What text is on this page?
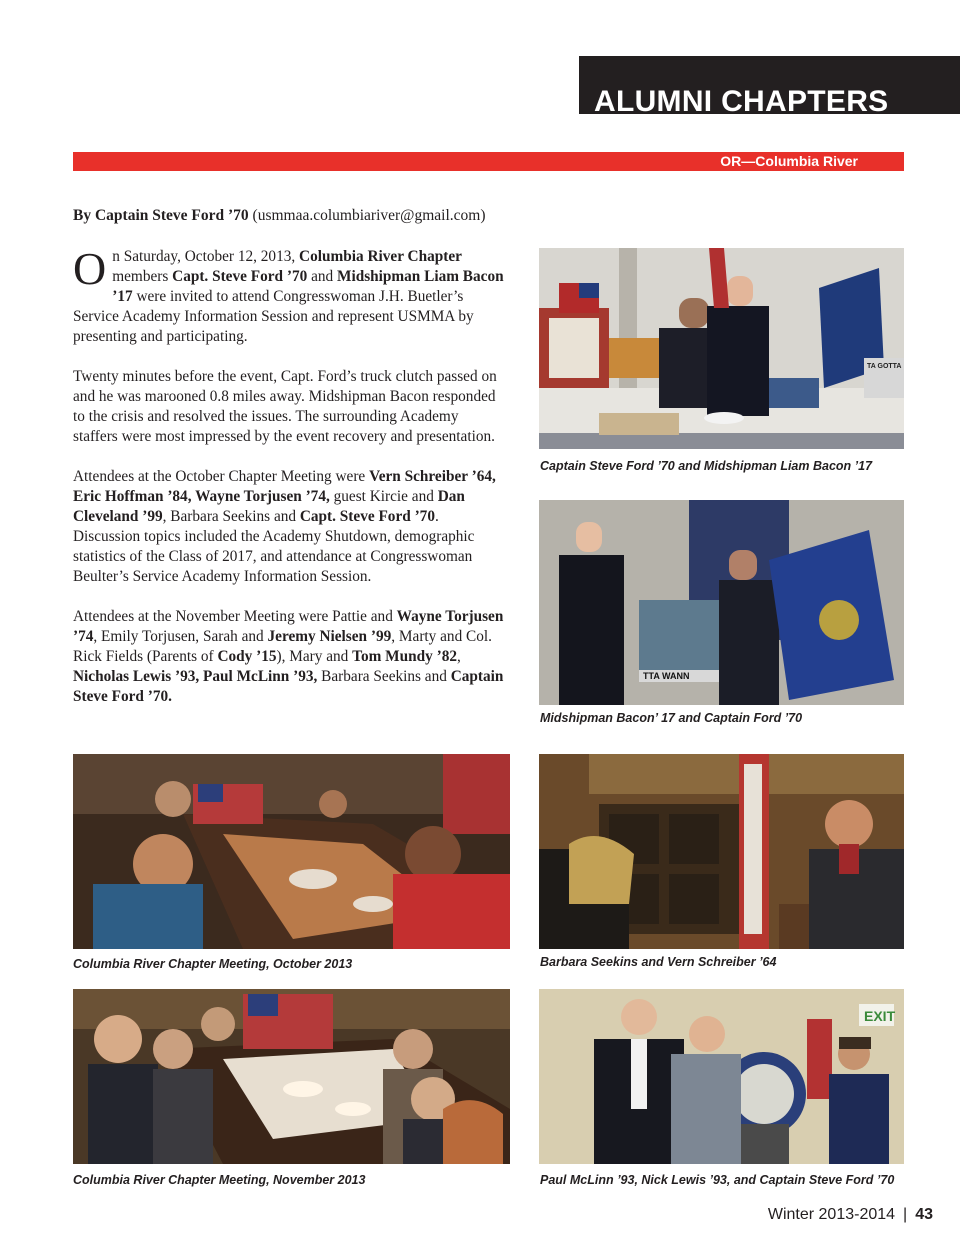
ALUMNI CHAPTERS
OR—Columbia River
By Captain Steve Ford ’70 (usmmaa.columbiariver@gmail.com)

O n Saturday, October 12, 2013, Columbia River Chapter members Capt. Steve Ford ’70 and Midshipman Liam Bacon ’17 were invited to attend Congresswoman J.H. Buetler’s Service Academy Information Session and represent USMMA by presenting and participating.

Twenty minutes before the event, Capt. Ford’s truck clutch passed on and he was marooned 0.8 miles away. Midshipman Bacon responded to the crisis and resolved the issues. The surrounding Academy staffers were most impressed by the event recovery and presentation.

Attendees at the October Chapter Meeting were Vern Schreiber ’64, Eric Hoffman ’84, Wayne Torjusen ’74, guest Kircie and Dan Cleveland ’99, Barbara Seekins and Capt. Steve Ford ’70. Discussion topics included the Academy Shutdown, demographic statistics of the Class of 2017, and attendance at Congresswoman Beulter’s Service Academy Information Session.

Attendees at the November Meeting were Pattie and Wayne Torjusen ’74, Emily Torjusen, Sarah and Jeremy Nielsen ’99, Marty and Col. Rick Fields (Parents of Cody ’15), Mary and Tom Mundy ’82, Nicholas Lewis ’93, Paul McLinn ’93, Barbara Seekins and Captain Steve Ford ’70.

TA GOTTA
Captain Steve Ford ’70 and Midshipman Liam Bacon ’17
TTA WANN
Midshipman Bacon’ 17 and Captain Ford ’70
Columbia River Chapter Meeting, October 2013	Barbara Seekins and Vern Schreiber ’64
Columbia River Chapter Meeting, November 2013
EXIT
Paul McLinn ’93, Nick Lewis ’93, and Captain Steve Ford ’70
Winter 2013-2014 | 43
